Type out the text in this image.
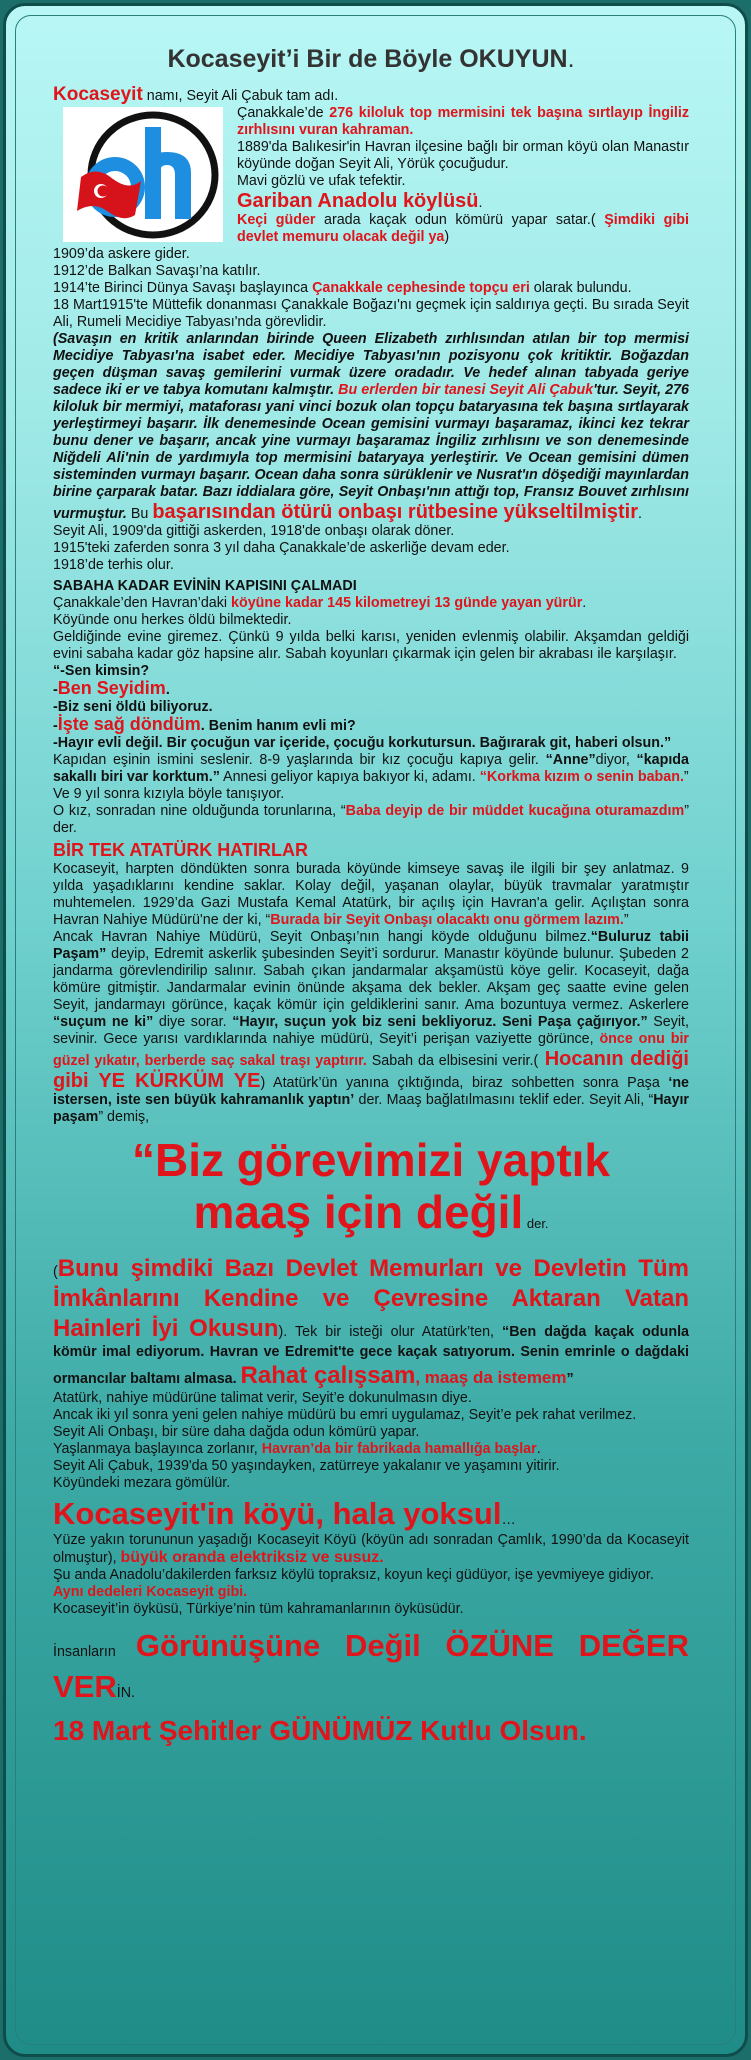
Kocaseyit’i Bir de Böyle OKUYUN.

Kocaseyit namı, Seyit Ali Çabuk tam adı.

Çanakkale’de 276 kiloluk top mermisini tek başına sırtlayıp İngiliz zırhlısını vuran kahraman.

1889'da Balıkesir'in Havran ilçesine bağlı bir orman köyü olan Manastır köyünde doğan Seyit Ali, Yörük çocuğudur.

Mavi gözlü ve ufak tefektir.

Gariban Anadolu köylüsü.

Keçi güder arada kaçak odun kömürü yapar satar.( Şimdiki gibi devlet memuru olacak değil ya)

1909’da askere gider.

1912’de Balkan Savaşı’na katılır.

1914’te Birinci Dünya Savaşı başlayınca Çanakkale cephesinde topçu eri olarak bulundu.

18 Mart1915'te Müttefik donanması Çanakkale Boğazı'nı geçmek için saldırıya geçti. Bu sırada Seyit Ali, Rumeli Mecidiye Tabyası'nda görevlidir.

(Savaşın en kritik anlarından birinde Queen Elizabeth zırhlısından atılan bir top mermisi Mecidiye Tabyası'na isabet eder. Mecidiye Tabyası'nın pozisyonu çok kritiktir. Boğazdan geçen düşman savaş gemilerini vurmak üzere oradadır. Ve hedef alınan tabyada geriye sadece iki er ve tabya komutanı kalmıştır. Bu erlerden bir tanesi Seyit Ali Çabuk'tur. Seyit, 276 kiloluk bir mermiyi, mataforası yani vinci bozuk olan topçu bataryasına tek başına sırtlayarak yerleştirmeyi başarır. İlk denemesinde Ocean gemisini vurmayı başaramaz, ikinci kez tekrar bunu dener ve başarır, ancak yine vurmayı başaramaz İngiliz zırhlısını ve son denemesinde Niğdeli Ali'nin de yardımıyla top mermisini bataryaya yerleştirir. Ve Ocean gemisini dümen sisteminden vurmayı başarır. Ocean daha sonra sürüklenir ve Nusrat'ın döşediği mayınlardan birine çarparak batar. Bazı iddialara göre, Seyit Onbaşı'nın attığı top, Fransız Bouvet zırhlısını vurmuştur. Bu başarısından ötürü onbaşı rütbesine yükseltilmiştir.

Seyit Ali, 1909'da gittiği askerden, 1918'de onbaşı olarak döner.

1915'teki zaferden sonra 3 yıl daha Çanakkale’de askerliğe devam eder.

1918’de terhis olur.

SABAHA KADAR EVİNİN KAPISINI ÇALMADI

Çanakkale’den Havran’daki köyüne kadar 145 kilometreyi 13 günde yayan yürür.

Köyünde onu herkes öldü bilmektedir.

Geldiğinde evine giremez. Çünkü 9 yılda belki karısı, yeniden evlenmiş olabilir. Akşamdan geldiği evini sabaha kadar göz hapsine alır. Sabah koyunları çıkarmak için gelen bir akrabası ile karşılaşır.

“-Sen kimsin?

-Ben Seyidim.

-Biz seni öldü biliyoruz.

-İşte sağ döndüm. Benim hanım evli mi?

-Hayır evli değil. Bir çocuğun var içeride, çocuğu korkutursun. Bağırarak git, haberi olsun.”

Kapıdan eşinin ismini seslenir. 8-9 yaşlarında bir kız çocuğu kapıya gelir. “Anne”diyor, “kapıda sakallı biri var korktum.” Annesi geliyor kapıya bakıyor ki, adamı. “Korkma kızım o senin baban.”

Ve 9 yıl sonra kızıyla böyle tanışıyor.

O kız, sonradan nine olduğunda torunlarına, “Baba deyip de bir müddet kucağına oturamazdım” der.

BİR TEK ATATÜRK HATIRLAR

Kocaseyit, harpten döndükten sonra burada köyünde kimseye savaş ile ilgili bir şey anlatmaz. 9 yılda yaşadıklarını kendine saklar. Kolay değil, yaşanan olaylar, büyük travmalar yaratmıştır muhtemelen. 1929’da Gazi Mustafa Kemal Atatürk, bir açılış için Havran'a gelir. Açılıştan sonra Havran Nahiye Müdürü'ne der ki, “Burada bir Seyit Onbaşı olacaktı onu görmem lazım.”

Ancak Havran Nahiye Müdürü, Seyit Onbaşı’nın hangi köyde olduğunu bilmez.“Buluruz tabii Paşam” deyip, Edremit askerlik şubesinden Seyit’i sordurur. Manastır köyünde bulunur. Şubeden 2 jandarma görevlendirilip salınır. Sabah çıkan jandarmalar akşamüstü köye gelir. Kocaseyit, dağa kömüre gitmiştir. Jandarmalar evinin önünde akşama dek bekler. Akşam geç saatte evine gelen Seyit, jandarmayı görünce, kaçak kömür için geldiklerini sanır. Ama bozuntuya vermez. Askerlere “suçum ne ki” diye sorar. “Hayır, suçun yok biz seni bekliyoruz. Seni Paşa çağırıyor.” Seyit, sevinir. Gece yarısı vardıklarında nahiye müdürü, Seyit’i perişan vaziyette görünce, önce onu bir güzel yıkatır, berberde saç sakal traşı yaptırır. Sabah da elbisesini verir.( Hocanın dediği gibi YE KÜRKÜM YE) Atatürk’ün yanına çıktığında, biraz sohbetten sonra Paşa ‘ne istersen, iste sen büyük kahramanlık yaptın’ der. Maaş bağlatılmasını teklif eder. Seyit Ali, “Hayır paşam” demiş,

“Biz görevimizi yaptık

maaş için değil der.

(Bunu şimdiki Bazı Devlet Memurları ve Devletin Tüm İmkânlarını Kendine ve Çevresine Aktaran Vatan Hainleri İyi Okusun). Tek bir isteği olur Atatürk’ten, “Ben dağda kaçak odunla kömür imal ediyorum. Havran ve Edremit'te gece kaçak satıyorum. Senin emrinle o dağdaki ormancılar baltamı almasa. Rahat çalışsam, maaş da istemem”

Atatürk, nahiye müdürüne talimat verir, Seyit’e dokunulmasın diye.

Ancak iki yıl sonra yeni gelen nahiye müdürü bu emri uygulamaz, Seyit’e pek rahat verilmez.

Seyit Ali Onbaşı, bir süre daha dağda odun kömürü yapar.

Yaşlanmaya başlayınca zorlanır, Havran’da bir fabrikada hamallığa başlar.

Seyit Ali Çabuk, 1939'da 50 yaşındayken, zatürreye yakalanır ve yaşamını yitirir.

Köyündeki mezara gömülür.

Kocaseyit'in köyü, hala yoksul…

Yüze yakın torununun yaşadığı Kocaseyit Köyü (köyün adı sonradan Çamlık, 1990’da da Kocaseyit olmuştur), büyük oranda elektriksiz ve susuz.

Şu anda Anadolu’dakilerden farksız köylü topraksız, koyun keçi güdüyor, işe yevmiyeye gidiyor.

Aynı dedeleri Kocaseyit gibi.

Kocaseyit’in öyküsü, Türkiye’nin tüm kahramanlarının öyküsüdür.

İnsanların Görünüşüne Değil ÖZÜNE DEĞER VERİN.

18 Mart Şehitler GÜNÜMÜZ Kutlu Olsun.
